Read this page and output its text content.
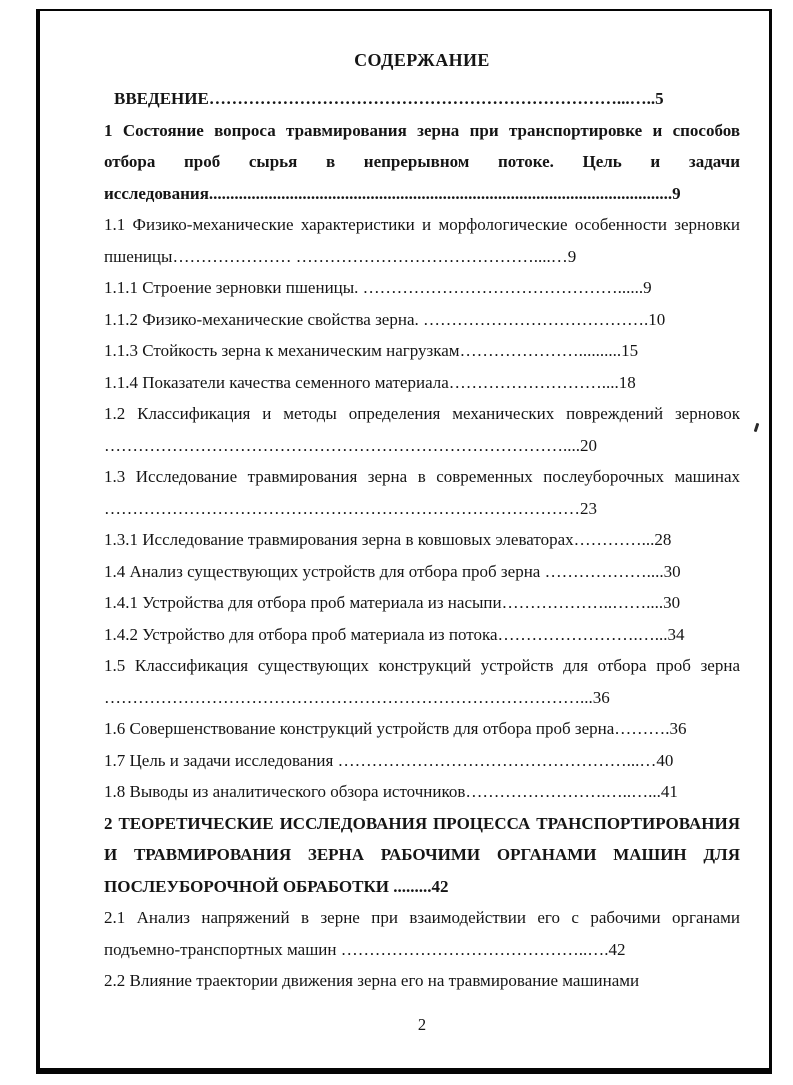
СОДЕРЖАНИЕ

ВВЕДЕНИЕ………………………………………………………………...…..5

1 Состояние вопроса травмирования зерна при транспортировке и способов отбора проб сырья в непрерывном потоке. Цель и задачи исследования.............................................................................................................9

1.1 Физико-механические характеристики и морфологические особенности зерновки пшеницы………………… ……………………………………....…9

1.1.1 Строение зерновки пшеницы. ………………………………………......9

1.1.2 Физико-механические свойства зерна. ………………………………….10

1.1.3 Стойкость зерна к механическим нагрузкам…………………..........15

1.1.4 Показатели качества семенного материала………………………....18

1.2 Классификация и методы определения механических повреждений зерновок ………………………………………………………………………....20

1.3 Исследование травмирования зерна в современных послеуборочных машинах …………………………………………………………………………23

1.3.1 Исследование травмирования зерна в ковшовых элеваторах…………...28

1.4 Анализ существующих устройств для отбора проб зерна ………………....30

1.4.1 Устройства для отбора проб материала из насыпи………………..……....30

1.4.2 Устройство для отбора проб материала из потока…………………….…...34

1.5 Классификация существующих конструкций устройств для отбора проб зерна …………………………………………………………………………...36

1.6 Совершенствование конструкций устройств для отбора проб зерна……….36

1.7 Цель и задачи исследования ……………………………………………...…40

1.8 Выводы из аналитического обзора источников…………………….…..…...41

2 ТЕОРЕТИЧЕСКИЕ ИССЛЕДОВАНИЯ ПРОЦЕССА ТРАНСПОРТИРОВАНИЯ И ТРАВМИРОВАНИЯ ЗЕРНА РАБОЧИМИ ОРГАНАМИ МАШИН ДЛЯ ПОСЛЕУБОРОЧНОЙ ОБРАБОТКИ .........42

2.1 Анализ напряжений в зерне при взаимодействии его с рабочими органами подъемно-транспортных машин ……………………………………..….42

2.2 Влияние траектории движения зерна его на травмирование машинами

2
